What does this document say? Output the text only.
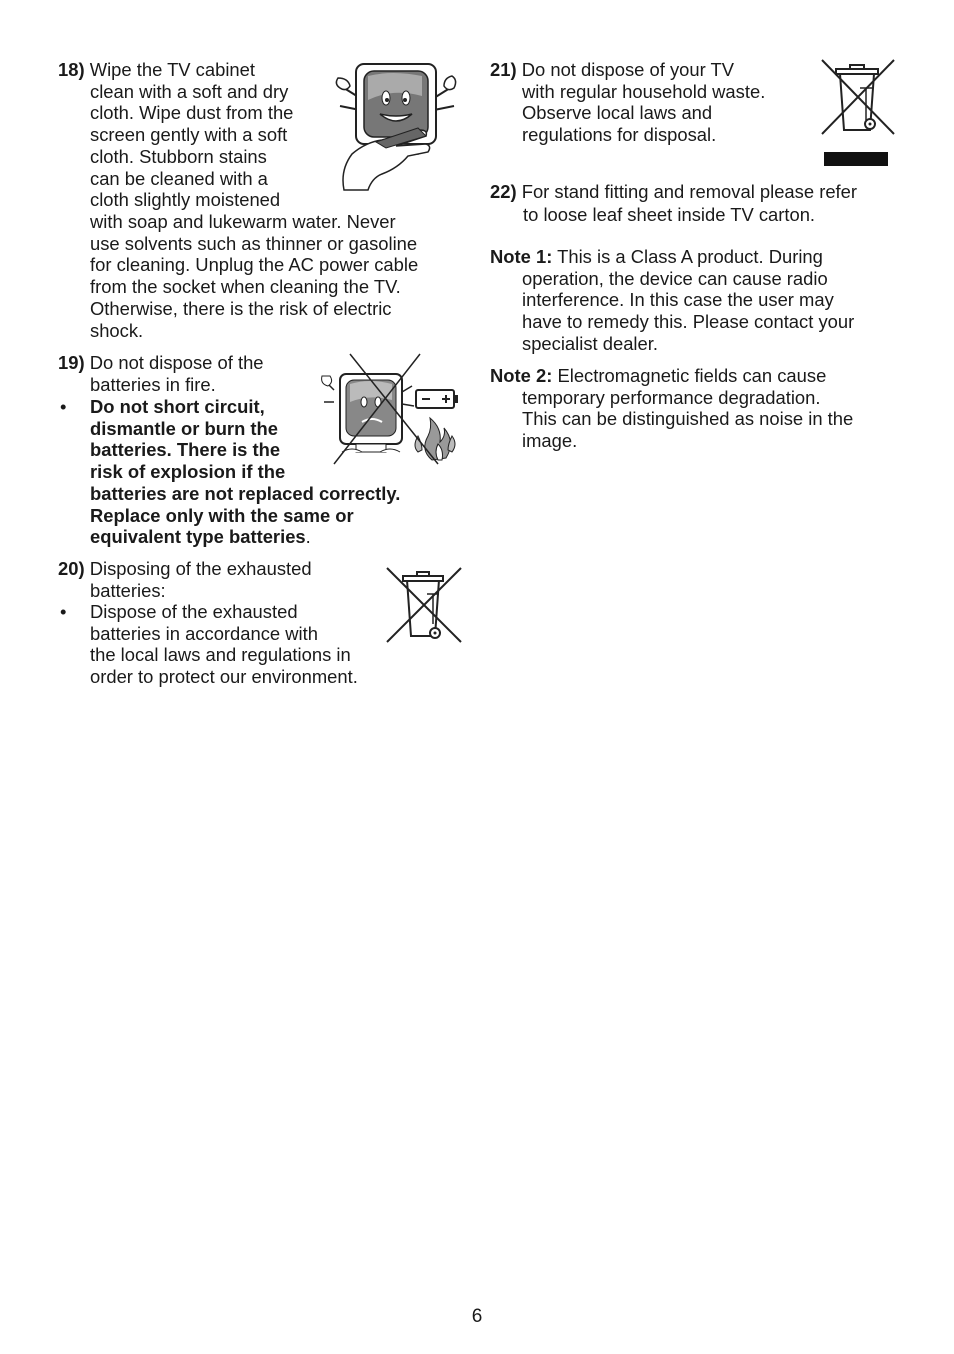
18) Wipe the TV cabinet
clean with a soft and dry
cloth. Wipe dust from the
screen gently with a soft
cloth. Stubborn stains
can be cleaned with a
cloth slightly moistened
with soap and lukewarm water. Never
use solvents such as thinner or gasoline
for cleaning. Unplug the AC power cable
from the socket when cleaning the TV.
Otherwise, there is the risk of electric
shock.
19) Do not dispose of the
batteries in fire.
• Do not short circuit,
dismantle or burn the
batteries. There is the
risk of explosion if the
batteries are not replaced correctly.
Replace only with the same or
equivalent type batteries.
20) Disposing of the exhausted
batteries:
• Dispose of the exhausted
batteries in accordance with
the local laws and regulations in
order to protect our environment.
21) Do not dispose of your TV
with regular household waste.
Observe local laws and
regulations for disposal.
22) For stand fitting and removal please refer
to loose leaf sheet inside TV carton.
Note 1: This is a Class A product. During
operation, the device can cause radio
interference. In this case the user may
have to remedy this. Please contact your
specialist dealer.
Note 2: Electromagnetic fields can cause
temporary performance degradation.
This can be distinguished as noise in the
image.
6
